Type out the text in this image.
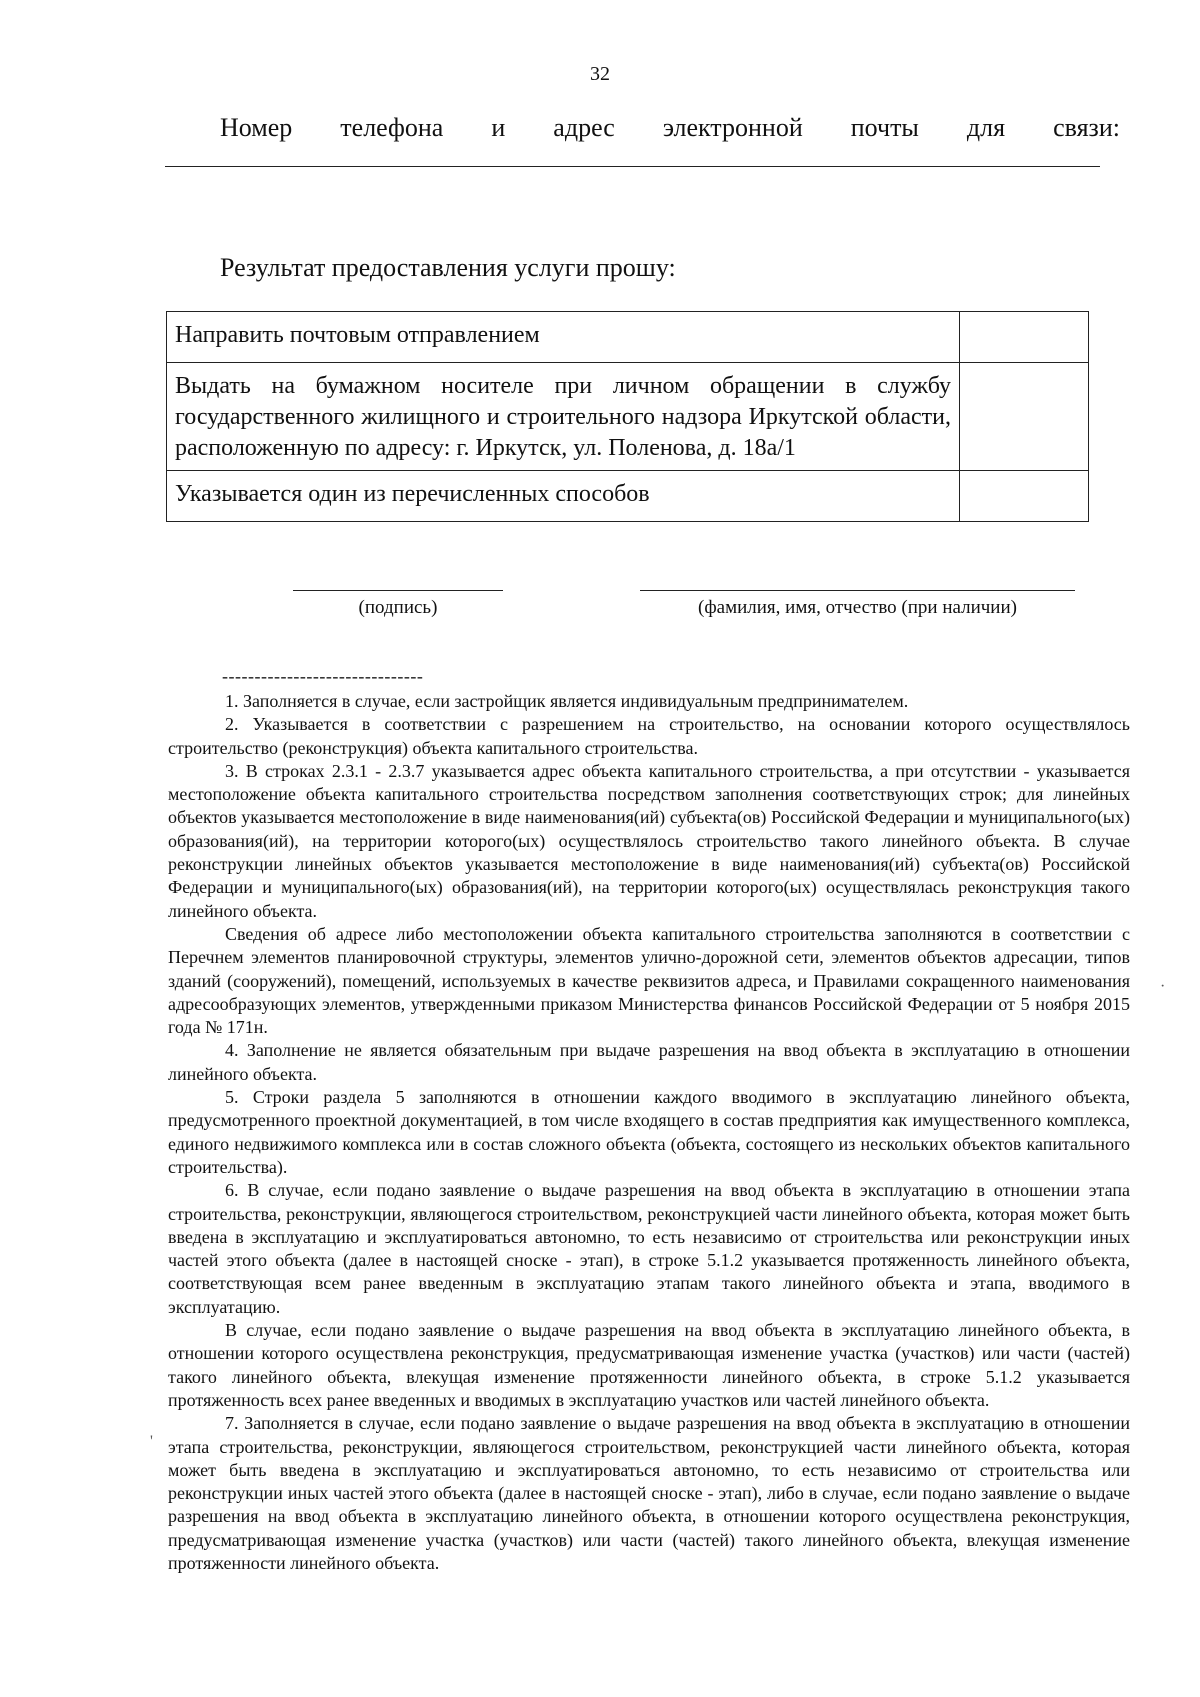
32
Номер телефона и адрес электронной почты для связи:
Результат предоставления услуги прошу:
Направить почтовым отправлением	
Выдать на бумажном носителе при личном обращении в службу государственного жилищного и строительного надзора Иркутской области, расположенную по адресу: г. Иркутск, ул. Поленова, д. 18а/1	
Указывается один из перечисленных способов	
(подпись)	(фамилия, имя, отчество (при наличии)
-------------------------------

1. Заполняется в случае, если застройщик является индивидуальным предпринимателем.

2. Указывается в соответствии с разрешением на строительство, на основании которого осуществлялось строительство (реконструкция) объекта капитального строительства.

3. В строках 2.3.1 - 2.3.7 указывается адрес объекта капитального строительства, а при отсутствии - указывается местоположение объекта капитального строительства посредством заполнения соответствующих строк; для линейных объектов указывается местоположение в виде наименования(ий) субъекта(ов) Российской Федерации и муниципального(ых) образования(ий), на территории которого(ых) осуществлялось строительство такого линейного объекта. В случае реконструкции линейных объектов указывается местоположение в виде наименования(ий) субъекта(ов) Российской Федерации и муниципального(ых) образования(ий), на территории которого(ых) осуществлялась реконструкция такого линейного объекта.

Сведения об адресе либо местоположении объекта капитального строительства заполняются в соответствии с Перечнем элементов планировочной структуры, элементов улично-дорожной сети, элементов объектов адресации, типов зданий (сооружений), помещений, используемых в качестве реквизитов адреса, и Правилами сокращенного наименования адресообразующих элементов, утвержденными приказом Министерства финансов Российской Федерации от 5 ноября 2015 года № 171н.

4. Заполнение не является обязательным при выдаче разрешения на ввод объекта в эксплуатацию в отношении линейного объекта.

5. Строки раздела 5 заполняются в отношении каждого вводимого в эксплуатацию линейного объекта, предусмотренного проектной документацией, в том числе входящего в состав предприятия как имущественного комплекса, единого недвижимого комплекса или в состав сложного объекта (объекта, состоящего из нескольких объектов капитального строительства).

6. В случае, если подано заявление о выдаче разрешения на ввод объекта в эксплуатацию в отношении этапа строительства, реконструкции, являющегося строительством, реконструкцией части линейного объекта, которая может быть введена в эксплуатацию и эксплуатироваться автономно, то есть независимо от строительства или реконструкции иных частей этого объекта (далее в настоящей сноске - этап), в строке 5.1.2 указывается протяженность линейного объекта, соответствующая всем ранее введенным в эксплуатацию этапам такого линейного объекта и этапа, вводимого в эксплуатацию.

В случае, если подано заявление о выдаче разрешения на ввод объекта в эксплуатацию линейного объекта, в отношении которого осуществлена реконструкция, предусматривающая изменение участка (участков) или части (частей) такого линейного объекта, влекущая изменение протяженности линейного объекта, в строке 5.1.2 указывается протяженность всех ранее введенных и вводимых в эксплуатацию участков или частей линейного объекта.

7. Заполняется в случае, если подано заявление о выдаче разрешения на ввод объекта в эксплуатацию в отношении этапа строительства, реконструкции, являющегося строительством, реконструкцией части линейного объекта, которая может быть введена в эксплуатацию и эксплуатироваться автономно, то есть независимо от строительства или реконструкции иных частей этого объекта (далее в настоящей сноске - этап), либо в случае, если подано заявление о выдаче разрешения на ввод объекта в эксплуатацию линейного объекта, в отношении которого осуществлена реконструкция, предусматривающая изменение участка (участков) или части (частей) такого линейного объекта, влекущая изменение протяженности линейного объекта.

·
'
